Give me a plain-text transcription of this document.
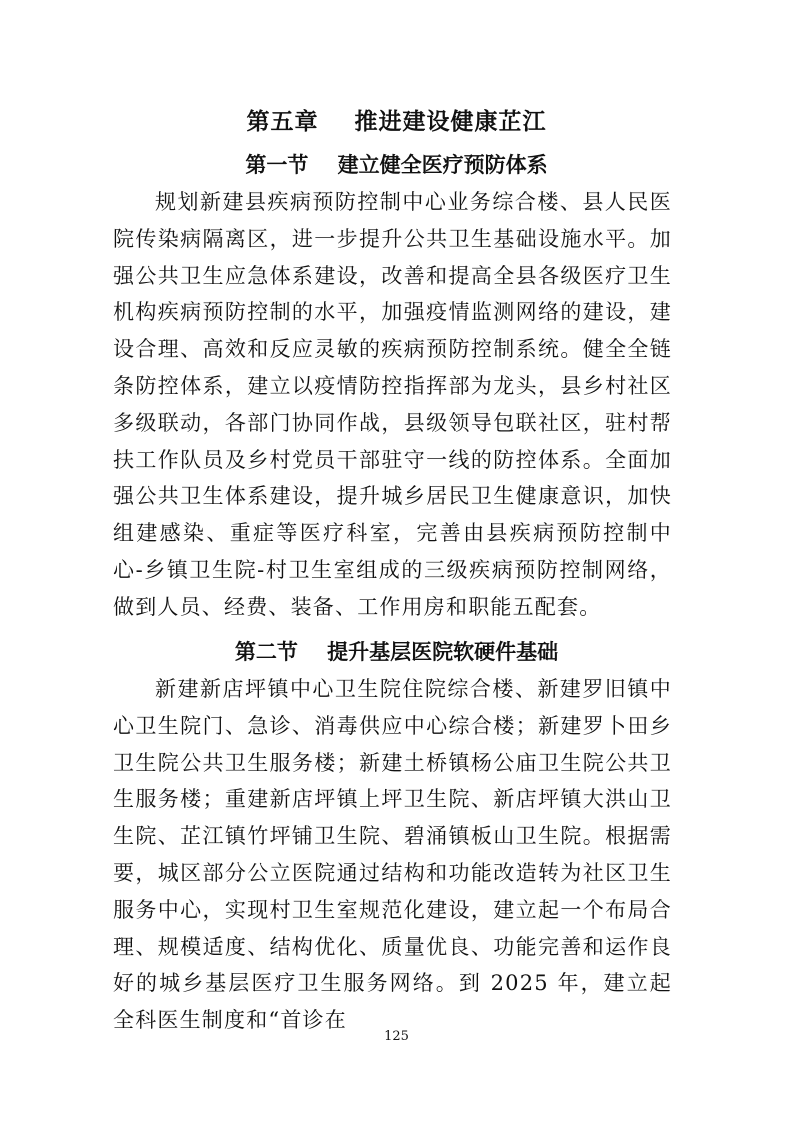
第五章    推进建设健康芷江
第一节    建立健全医疗预防体系
规划新建县疾病预防控制中心业务综合楼、县人民医院传染病隔离区，进一步提升公共卫生基础设施水平。加强公共卫生应急体系建设，改善和提高全县各级医疗卫生机构疾病预防控制的水平，加强疫情监测网络的建设，建设合理、高效和反应灵敏的疾病预防控制系统。健全全链条防控体系，建立以疫情防控指挥部为龙头，县乡村社区多级联动，各部门协同作战，县级领导包联社区，驻村帮扶工作队员及乡村党员干部驻守一线的防控体系。全面加强公共卫生体系建设，提升城乡居民卫生健康意识，加快组建感染、重症等医疗科室，完善由县疾病预防控制中心-乡镇卫生院-村卫生室组成的三级疾病预防控制网络，做到人员、经费、装备、工作用房和职能五配套。
第二节    提升基层医院软硬件基础
新建新店坪镇中心卫生院住院综合楼、新建罗旧镇中心卫生院门、急诊、消毒供应中心综合楼；新建罗卜田乡卫生院公共卫生服务楼；新建土桥镇杨公庙卫生院公共卫生服务楼；重建新店坪镇上坪卫生院、新店坪镇大洪山卫生院、芷江镇竹坪铺卫生院、碧涌镇板山卫生院。根据需要，城区部分公立医院通过结构和功能改造转为社区卫生服务中心，实现村卫生室规范化建设，建立起一个布局合理、规模适度、结构优化、质量优良、功能完善和运作良好的城乡基层医疗卫生服务网络。到 2025 年，建立起全科医生制度和“首诊在
125
